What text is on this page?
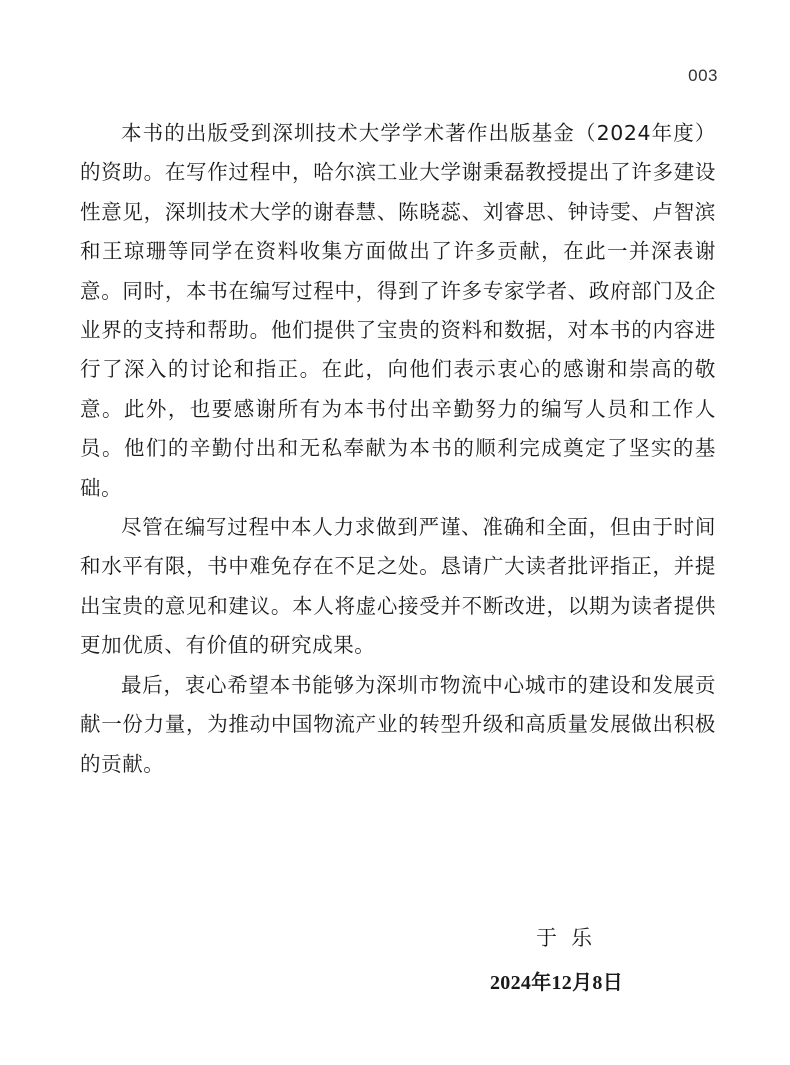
003

本书的出版受到深圳技术大学学术著作出版基金（2024年度）的资助。在写作过程中，哈尔滨工业大学谢秉磊教授提出了许多建设性意见，深圳技术大学的谢春慧、陈晓蕊、刘睿思、钟诗雯、卢智滨和王琼珊等同学在资料收集方面做出了许多贡献，在此一并深表谢意。同时，本书在编写过程中，得到了许多专家学者、政府部门及企业界的支持和帮助。他们提供了宝贵的资料和数据，对本书的内容进行了深入的讨论和指正。在此，向他们表示衷心的感谢和崇高的敬意。此外，也要感谢所有为本书付出辛勤努力的编写人员和工作人员。他们的辛勤付出和无私奉献为本书的顺利完成奠定了坚实的基础。

尽管在编写过程中本人力求做到严谨、准确和全面，但由于时间和水平有限，书中难免存在不足之处。恳请广大读者批评指正，并提出宝贵的意见和建议。本人将虚心接受并不断改进，以期为读者提供更加优质、有价值的研究成果。

最后，衷心希望本书能够为深圳市物流中心城市的建设和发展贡献一份力量，为推动中国物流产业的转型升级和高质量发展做出积极的贡献。

于乐
2024年12月8日
